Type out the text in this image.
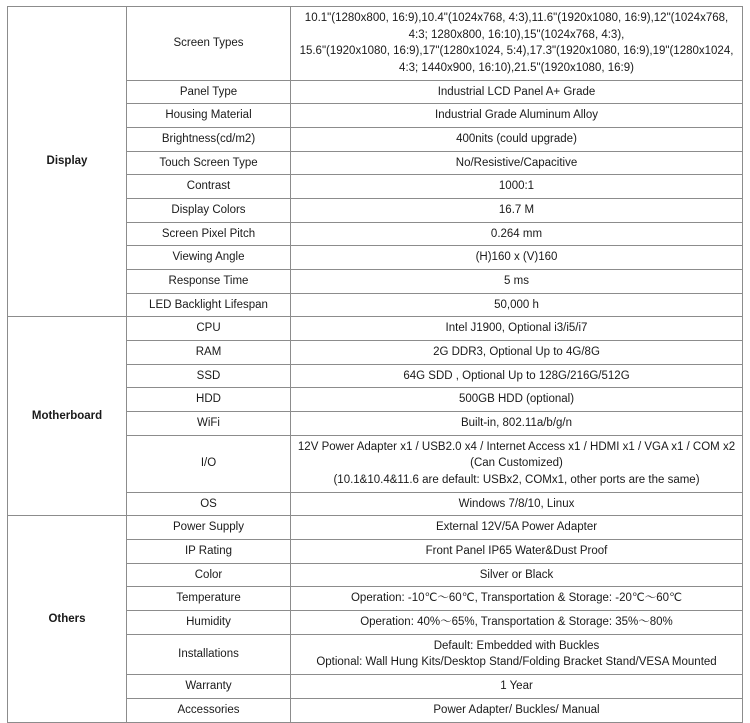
Display	Screen Types	10.1"(1280x800, 16:9),10.4"(1024x768, 4:3),11.6"(1920x1080, 16:9),12"(1024x768,
4:3; 1280x800, 16:10),15"(1024x768, 4:3),
15.6"(1920x1080, 16:9),17"(1280x1024, 5:4),17.3"(1920x1080, 16:9),19"(1280x1024,
4:3; 1440x900, 16:10),21.5"(1920x1080, 16:9)

	Panel Type	Industrial LCD Panel A+ Grade

	Housing Material	Industrial Grade Aluminum Alloy

	Brightness(cd/m2)	400nits (could upgrade)

	Touch Screen Type	No/Resistive/Capacitive

	Contrast	1000:1

	Display Colors	16.7 M

	Screen Pixel Pitch	0.264 mm

	Viewing Angle	(H)160 x (V)160

	Response Time	5 ms

	LED Backlight Lifespan	50,000 h

Motherboard	CPU	Intel J1900, Optional i3/i5/i7

	RAM	2G DDR3, Optional Up to 4G/8G

	SSD	64G SDD , Optional Up to 128G/216G/512G

	HDD	500GB HDD (optional)

	WiFi	Built-in, 802.11a/b/g/n

	I/O	12V Power Adapter x1 / USB2.0 x4 / Internet Access x1 / HDMI x1 / VGA x1 / COM x2
(Can Customized)
(10.1&10.4&11.6 are default: USBx2, COMx1, other ports are the same)

	OS	Windows 7/8/10, Linux

Others	Power Supply	External 12V/5A Power Adapter

	IP Rating	Front Panel IP65 Water&Dust Proof

	Color	Silver or Black

	Temperature	Operation: -10℃～60℃, Transportation & Storage: -20℃～60℃

	Humidity	Operation: 40%～65%, Transportation & Storage: 35%～80%

	Installations	Default: Embedded with Buckles
Optional: Wall Hung Kits/Desktop Stand/Folding Bracket Stand/VESA Mounted

	Warranty	1 Year

	Accessories	Power Adapter/ Buckles/ Manual
